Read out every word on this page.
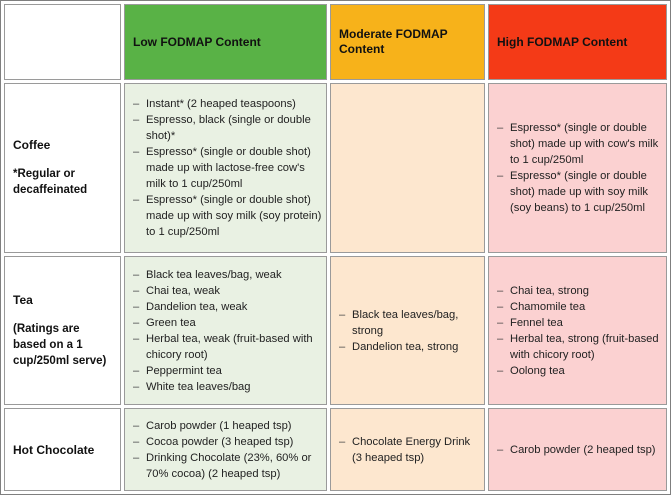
Low FODMAP Content
Moderate FODMAP Content	High FODMAP Content
Coffee
*Regular or decaffeinated
– Instant* (2 heaped teaspoons)
– Espresso, black (single or double shot)*
– Espresso* (single or double shot) made up with lactose-free cow's milk to 1 cup/250ml
– Espresso* (single or double shot) made up with soy milk (soy protein) to 1 cup/250ml
– Espresso* (single or double shot) made up with cow's milk to 1 cup/250ml
– Espresso* (single or double shot) made up with soy milk (soy beans) to 1 cup/250ml
Tea
(Ratings are based on a 1 cup/250ml serve)
– Black tea leaves/bag, weak
– Chai tea, weak
– Dandelion tea, weak
– Green tea
– Herbal tea, weak (fruit-based with chicory root)
– Peppermint tea
– White tea leaves/bag
– Black tea leaves/bag, strong
– Dandelion tea, strong
– Chai tea, strong
– Chamomile tea
– Fennel tea
– Herbal tea, strong (fruit-based with chicory root)
– Oolong tea
Hot Chocolate
– Carob powder (1 heaped tsp)
– Cocoa powder (3 heaped tsp)
– Drinking Chocolate (23%, 60% or 70% cocoa) (2 heaped tsp)
– Chocolate Energy Drink (3 heaped tsp)
– Carob powder (2 heaped tsp)
